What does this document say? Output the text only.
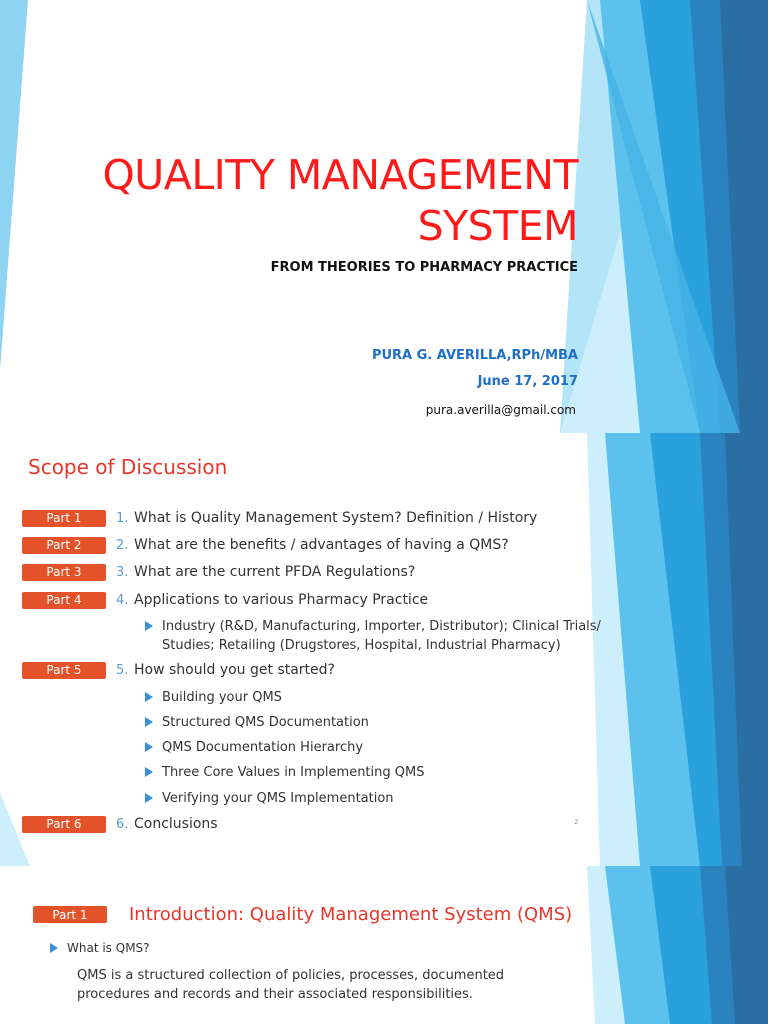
QUALITY MANAGEMENT
SYSTEM
FROM THEORIES TO PHARMACY PRACTICE
PURA G. AVERILLA,RPh/MBA
June 17, 2017
pura.averilla@gmail.com
Scope of Discussion
Part 1	1. What is Quality Management System? Definition / History
Part 2	2. What are the benefits / advantages of having a QMS?
Part 3	3. What are the current PFDA Regulations?
Part 4	4. Applications to various Pharmacy Practice
Industry (R&D, Manufacturing, Importer, Distributor); Clinical Trials/
Studies; Retailing (Drugstores, Hospital, Industrial Pharmacy)
Part 5	5. How should you get started?
Building your QMS
Structured QMS Documentation
QMS Documentation Hierarchy
Three Core Values in Implementing QMS
Verifying your QMS Implementation
Part 6	6. Conclusions	2
Part 1	Introduction: Quality Management System (QMS)
What is QMS?
QMS is a structured collection of policies, processes, documented procedures and records and their associated responsibilities.
